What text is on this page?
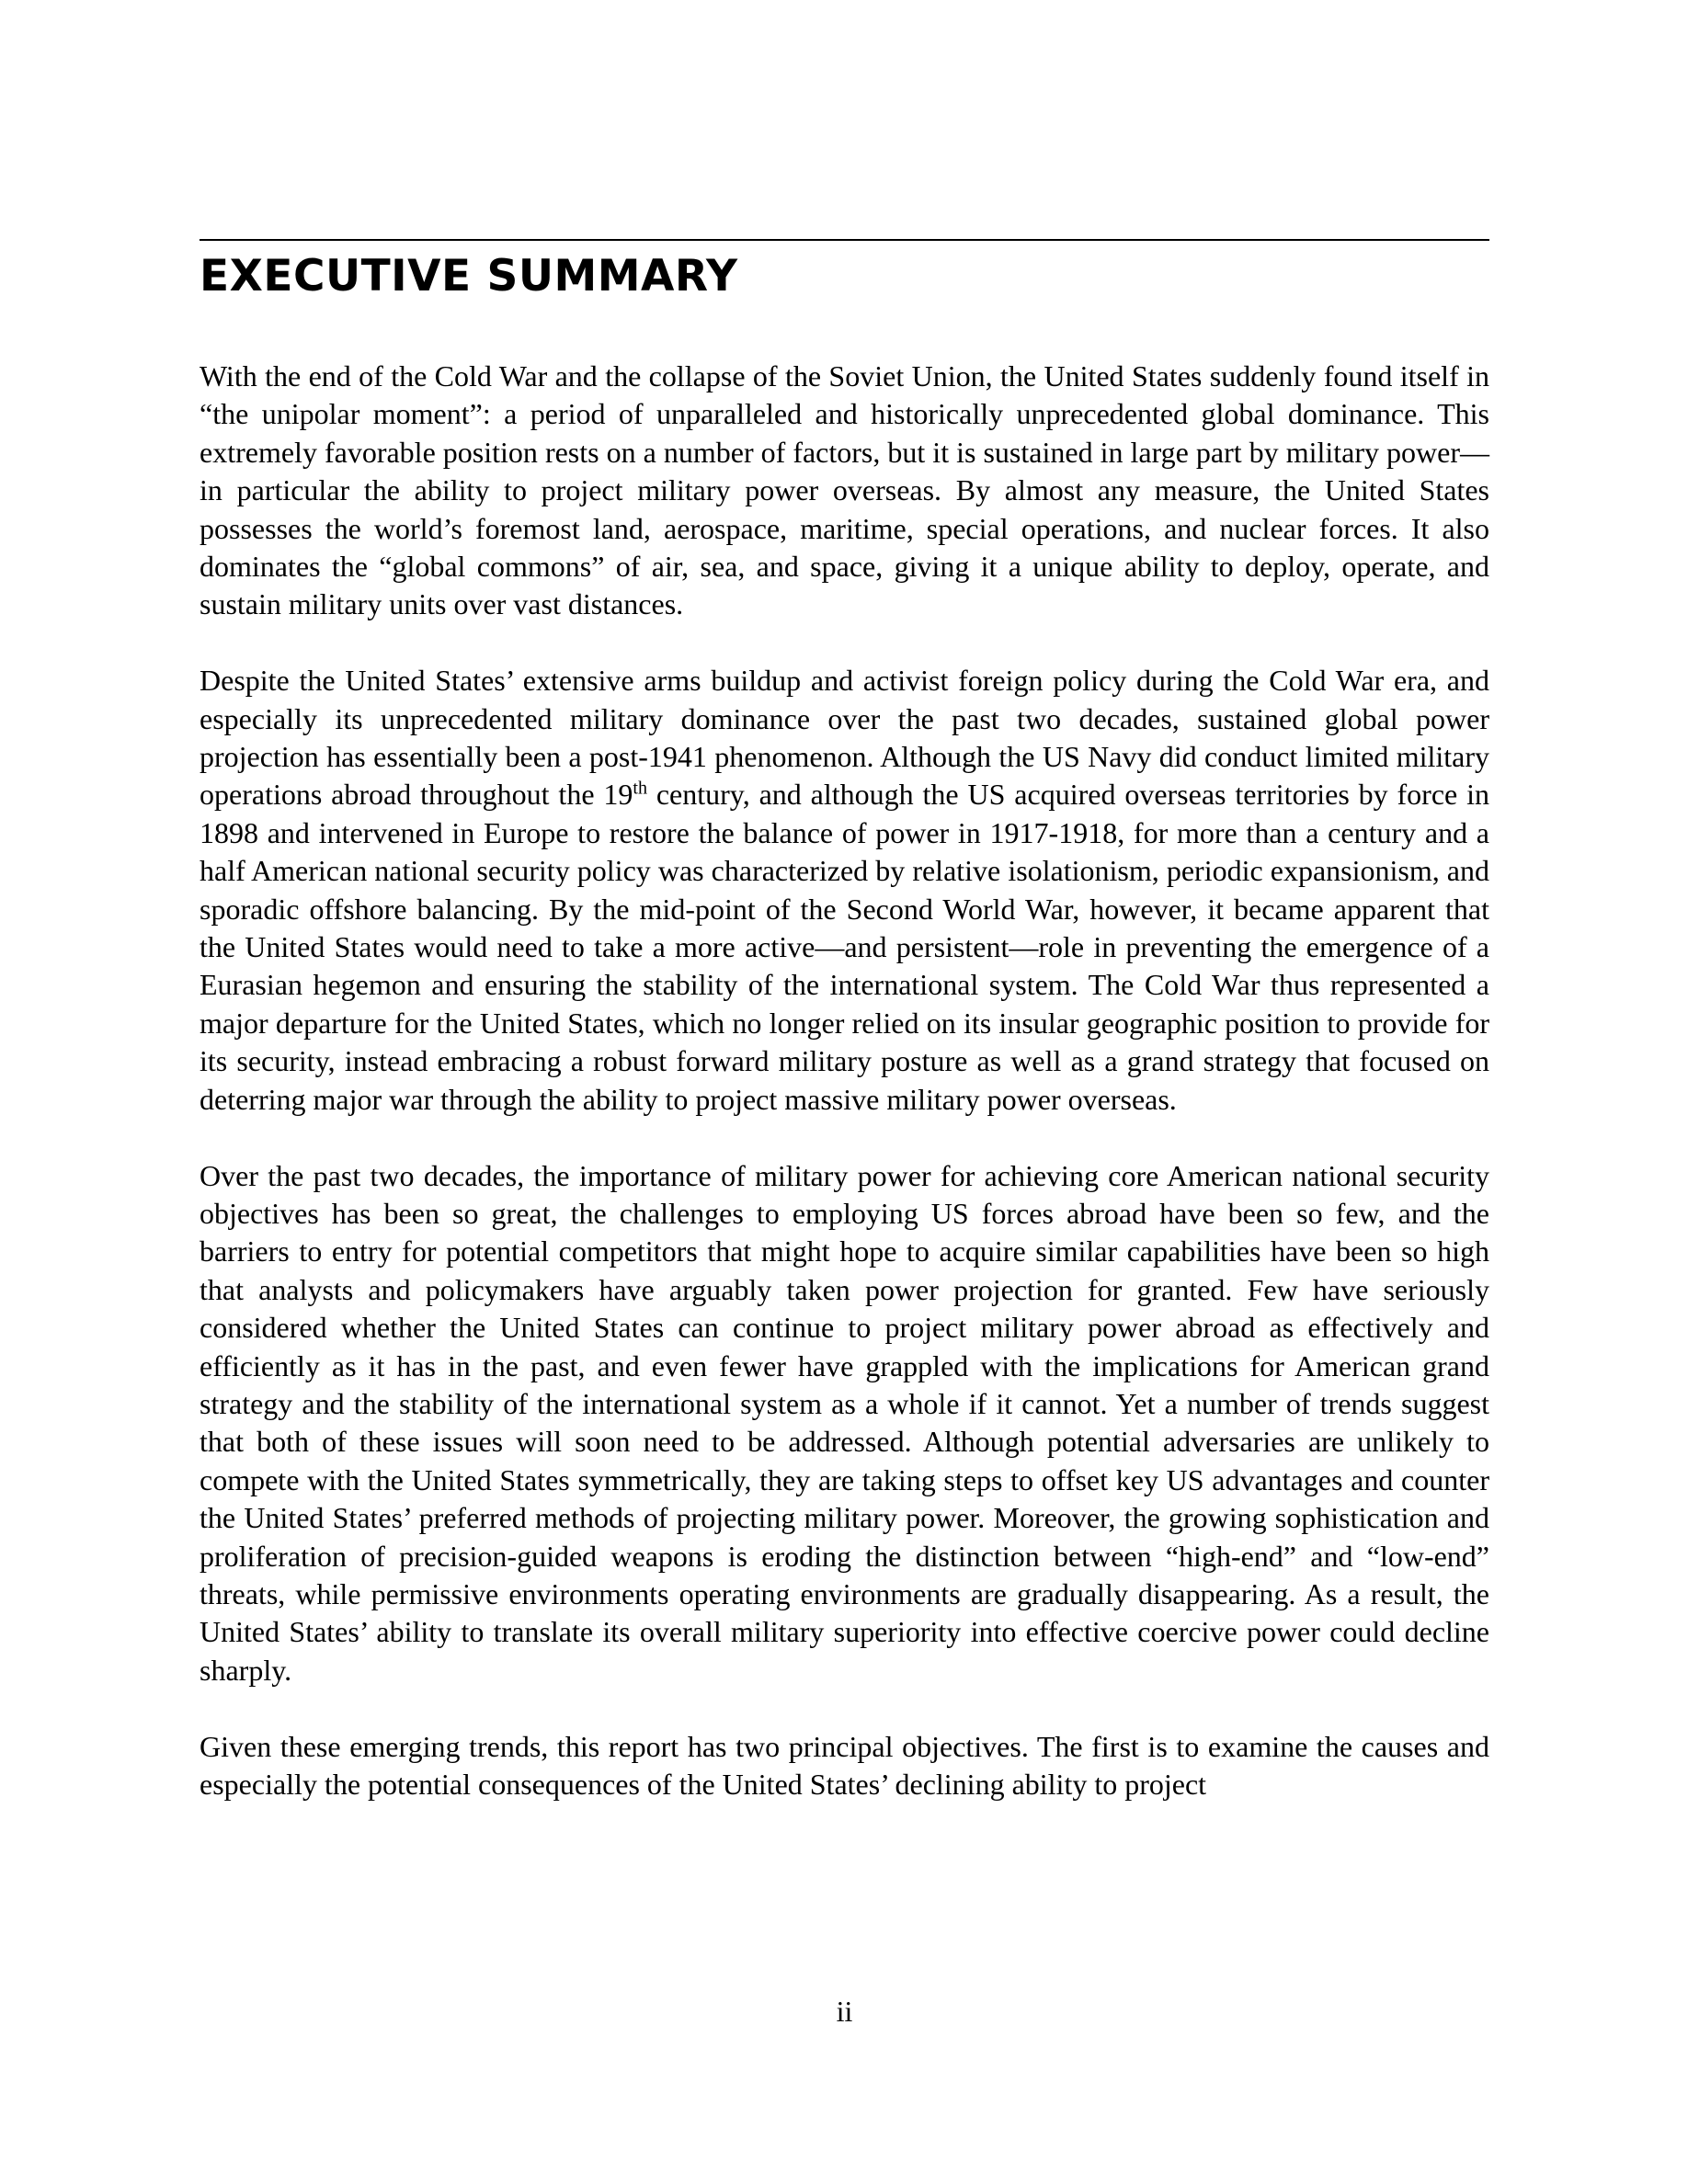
EXECUTIVE SUMMARY

With the end of the Cold War and the collapse of the Soviet Union, the United States suddenly found itself in “the unipolar moment”: a period of unparalleled and historically unprecedented global dominance. This extremely favorable position rests on a number of factors, but it is sustained in large part by military power—in particular the ability to project military power overseas. By almost any measure, the United States possesses the world’s foremost land, aerospace, maritime, special operations, and nuclear forces. It also dominates the “global commons” of air, sea, and space, giving it a unique ability to deploy, operate, and sustain military units over vast distances.

Despite the United States’ extensive arms buildup and activist foreign policy during the Cold War era, and especially its unprecedented military dominance over the past two decades, sustained global power projection has essentially been a post-1941 phenomenon. Although the US Navy did conduct limited military operations abroad throughout the 19th century, and although the US acquired overseas territories by force in 1898 and intervened in Europe to restore the balance of power in 1917-1918, for more than a century and a half American national security policy was characterized by relative isolationism, periodic expansionism, and sporadic offshore balancing. By the mid-point of the Second World War, however, it became apparent that the United States would need to take a more active—and persistent—role in preventing the emergence of a Eurasian hegemon and ensuring the stability of the international system. The Cold War thus represented a major departure for the United States, which no longer relied on its insular geographic position to provide for its security, instead embracing a robust forward military posture as well as a grand strategy that focused on deterring major war through the ability to project massive military power overseas.

Over the past two decades, the importance of military power for achieving core American national security objectives has been so great, the challenges to employing US forces abroad have been so few, and the barriers to entry for potential competitors that might hope to acquire similar capabilities have been so high that analysts and policymakers have arguably taken power projection for granted. Few have seriously considered whether the United States can continue to project military power abroad as effectively and efficiently as it has in the past, and even fewer have grappled with the implications for American grand strategy and the stability of the international system as a whole if it cannot. Yet a number of trends suggest that both of these issues will soon need to be addressed. Although potential adversaries are unlikely to compete with the United States symmetrically, they are taking steps to offset key US advantages and counter the United States’ preferred methods of projecting military power. Moreover, the growing sophistication and proliferation of precision-guided weapons is eroding the distinction between “high-end” and “low-end” threats, while permissive environments operating environments are gradually disappearing. As a result, the United States’ ability to translate its overall military superiority into effective coercive power could decline sharply.

Given these emerging trends, this report has two principal objectives. The first is to examine the causes and especially the potential consequences of the United States’ declining ability to project

ii
